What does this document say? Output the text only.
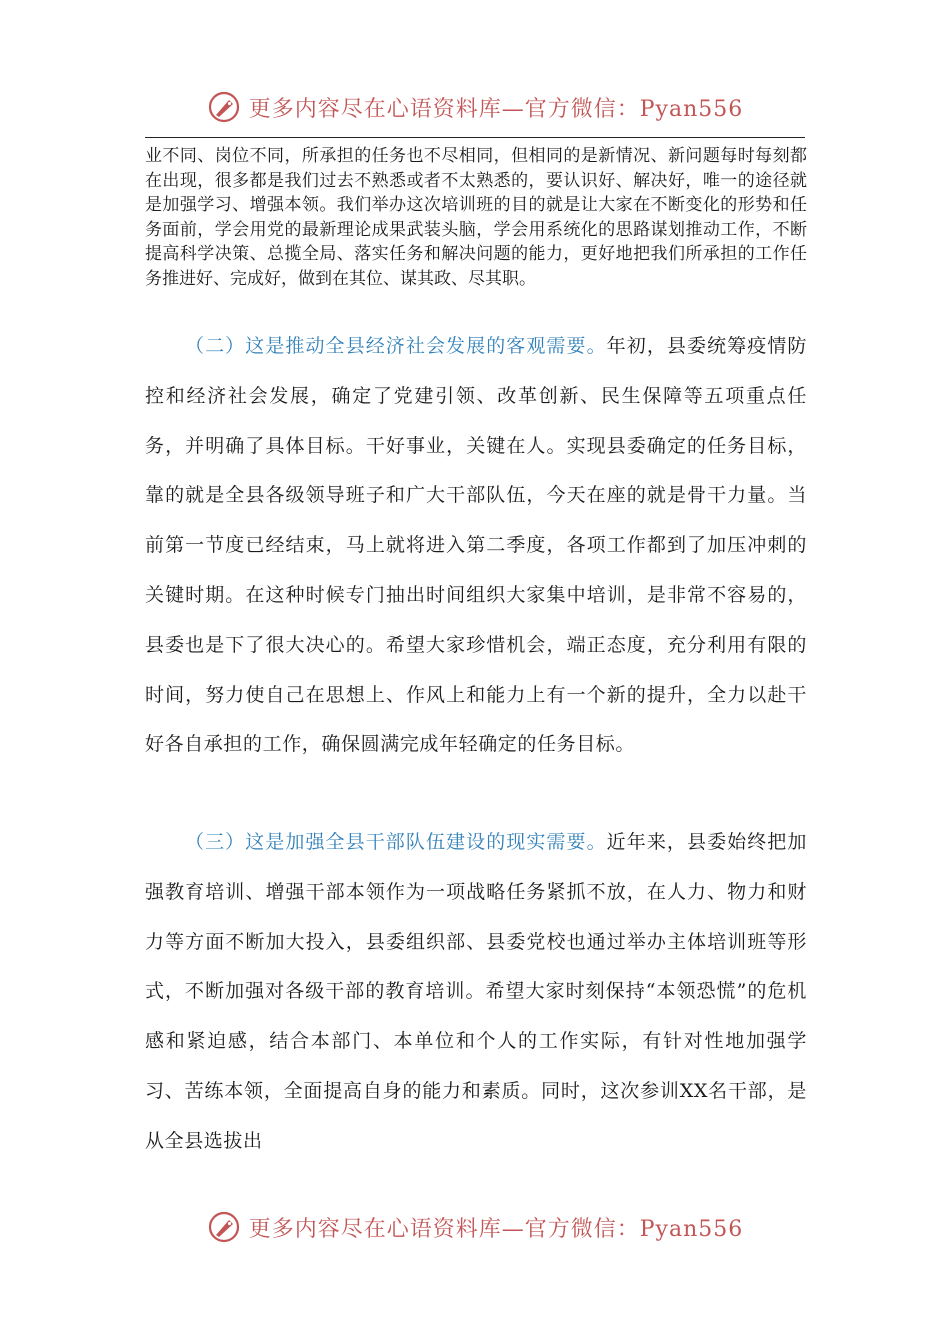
更多内容尽在心语资料库—官方微信：Pyan556
业不同、岗位不同，所承担的任务也不尽相同，但相同的是新情况、新问题每时每刻都在出现，很多都是我们过去不熟悉或者不太熟悉的，要认识好、解决好，唯一的途径就是加强学习、增强本领。我们举办这次培训班的目的就是让大家在不断变化的形势和任务面前，学会用党的最新理论成果武装头脑，学会用系统化的思路谋划推动工作，不断提高科学决策、总揽全局、落实任务和解决问题的能力，更好地把我们所承担的工作任务推进好、完成好，做到在其位、谋其政、尽其职。

（二）这是推动全县经济社会发展的客观需要。年初，县委统筹疫情防控和经济社会发展，确定了党建引领、改革创新、民生保障等五项重点任务，并明确了具体目标。干好事业，关键在人。实现县委确定的任务目标，靠的就是全县各级领导班子和广大干部队伍，今天在座的就是骨干力量。当前第一节度已经结束，马上就将进入第二季度，各项工作都到了加压冲刺的关键时期。在这种时候专门抽出时间组织大家集中培训，是非常不容易的，县委也是下了很大决心的。希望大家珍惜机会，端正态度，充分利用有限的时间，努力使自己在思想上、作风上和能力上有一个新的提升，全力以赴干好各自承担的工作，确保圆满完成年轻确定的任务目标。

（三）这是加强全县干部队伍建设的现实需要。近年来，县委始终把加强教育培训、增强干部本领作为一项战略任务紧抓不放，在人力、物力和财力等方面不断加大投入，县委组织部、县委党校也通过举办主体培训班等形式，不断加强对各级干部的教育培训。希望大家时刻保持“本领恐慌”的危机感和紧迫感，结合本部门、本单位和个人的工作实际，有针对性地加强学习、苦练本领，全面提高自身的能力和素质。同时，这次参训XX名干部，是从全县选拔出

更多内容尽在心语资料库—官方微信：Pyan556
